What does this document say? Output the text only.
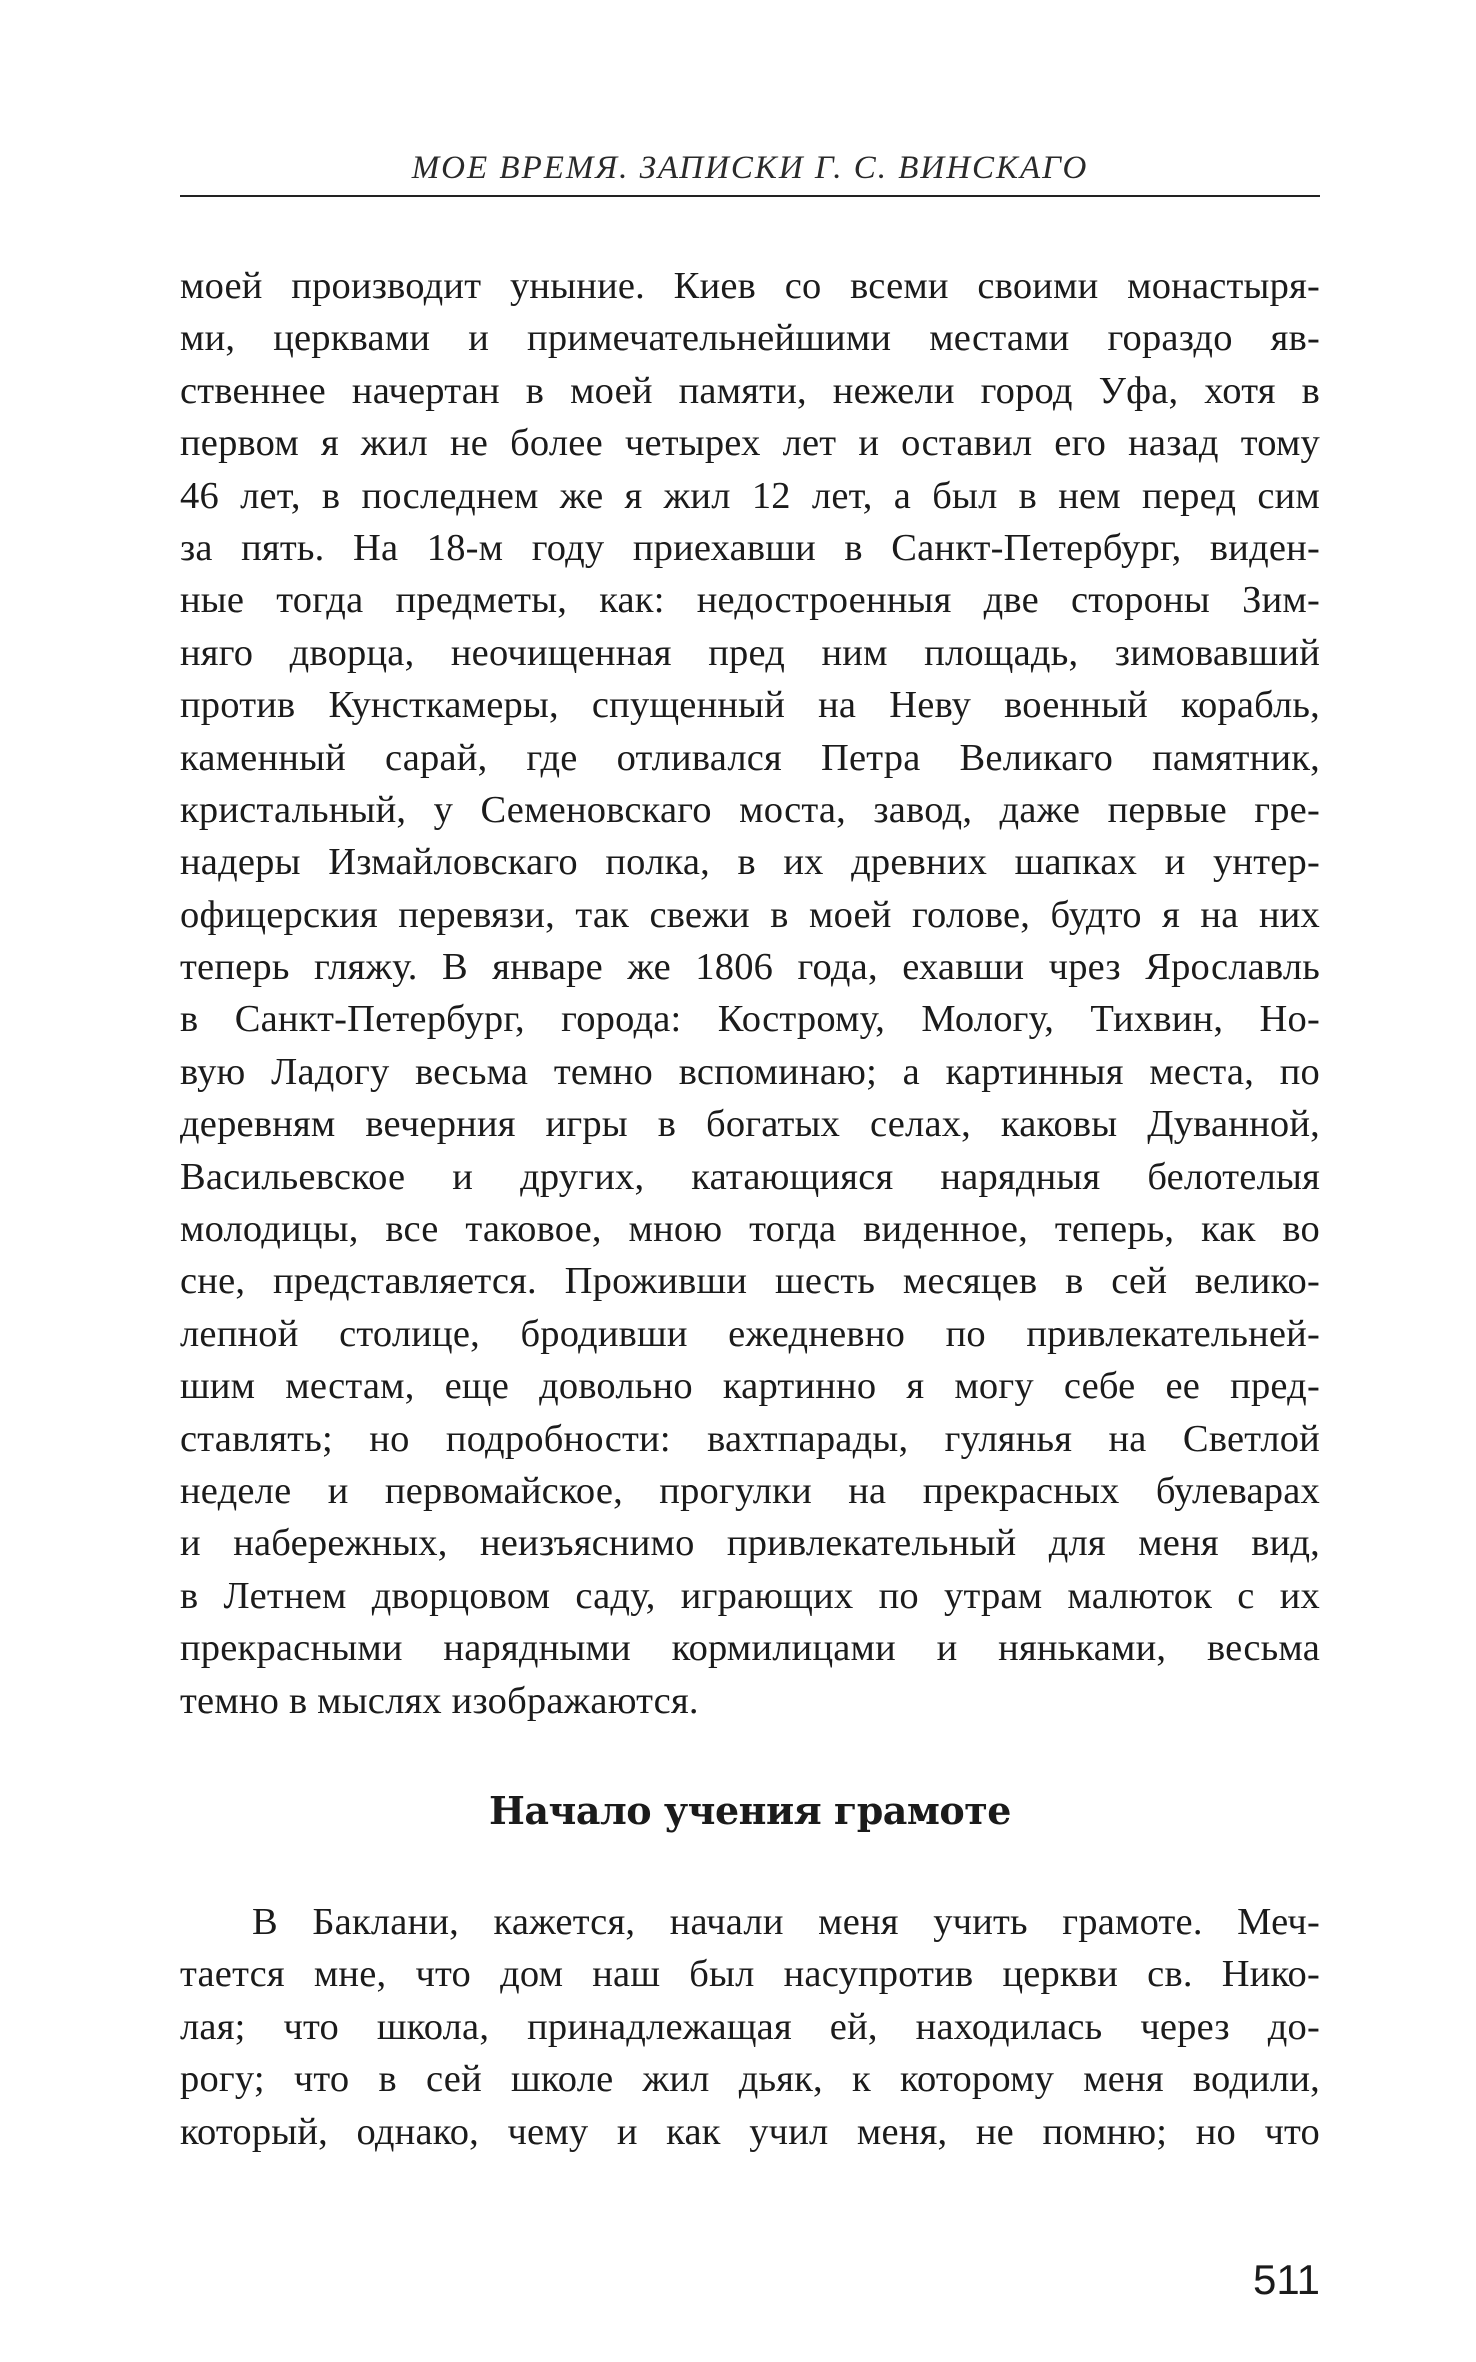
МОЕ ВРЕМЯ. ЗАПИСКИ Г. С. ВИНСКАГО
моей производит уныние. Киев со всеми своими монастыря-
ми, церквами и примечательнейшими местами гораздо яв-
ственнее начертан в моей памяти, нежели город Уфа, хотя в
первом я жил не более четырех лет и оставил его назад тому
46 лет, в последнем же я жил 12 лет, а был в нем перед сим
за пять. На 18-м году приехавши в Санкт-Петербург, виден-
ные тогда предметы, как: недостроенныя две стороны Зим-
няго дворца, неочищенная пред ним площадь, зимовавший
против Кунсткамеры, спущенный на Неву военный корабль,
каменный сарай, где отливался Петра Великаго памятник,
кристальный, у Семеновскаго моста, завод, даже первые гре-
надеры Измайловскаго полка, в их древних шапках и унтер-
офицерския перевязи, так свежи в моей голове, будто я на них
теперь гляжу. В январе же 1806 года, ехавши чрез Ярославль
в Санкт-Петербург, города: Кострому, Мологу, Тихвин, Но-
вую Ладогу весьма темно вспоминаю; а картинныя места, по
деревням вечерния игры в богатых селах, каковы Дуванной,
Васильевское и других, катающияся нарядныя белотелыя
молодицы, все таковое, мною тогда виденное, теперь, как во
сне, представляется. Проживши шесть месяцев в сей велико-
лепной столице, бродивши ежедневно по привлекательней-
шим местам, еще довольно картинно я могу себе ее пред-
ставлять; но подробности: вахтпарады, гулянья на Светлой
неделе и первомайское, прогулки на прекрасных булеварах
и набережных, неизъяснимо привлекательный для меня вид,
в Летнем дворцовом саду, играющих по утрам малюток с их
прекрасными нарядными кормилицами и няньками, весьма
темно в мыслях изображаются.
Начало учения грамоте
В Баклани, кажется, начали меня учить грамоте. Меч-
тается мне, что дом наш был насупротив церкви св. Нико-
лая; что школа, принадлежащая ей, находилась через до-
рогу; что в сей школе жил дьяк, к которому меня водили,
который, однако, чему и как учил меня, не помню; но что
511
